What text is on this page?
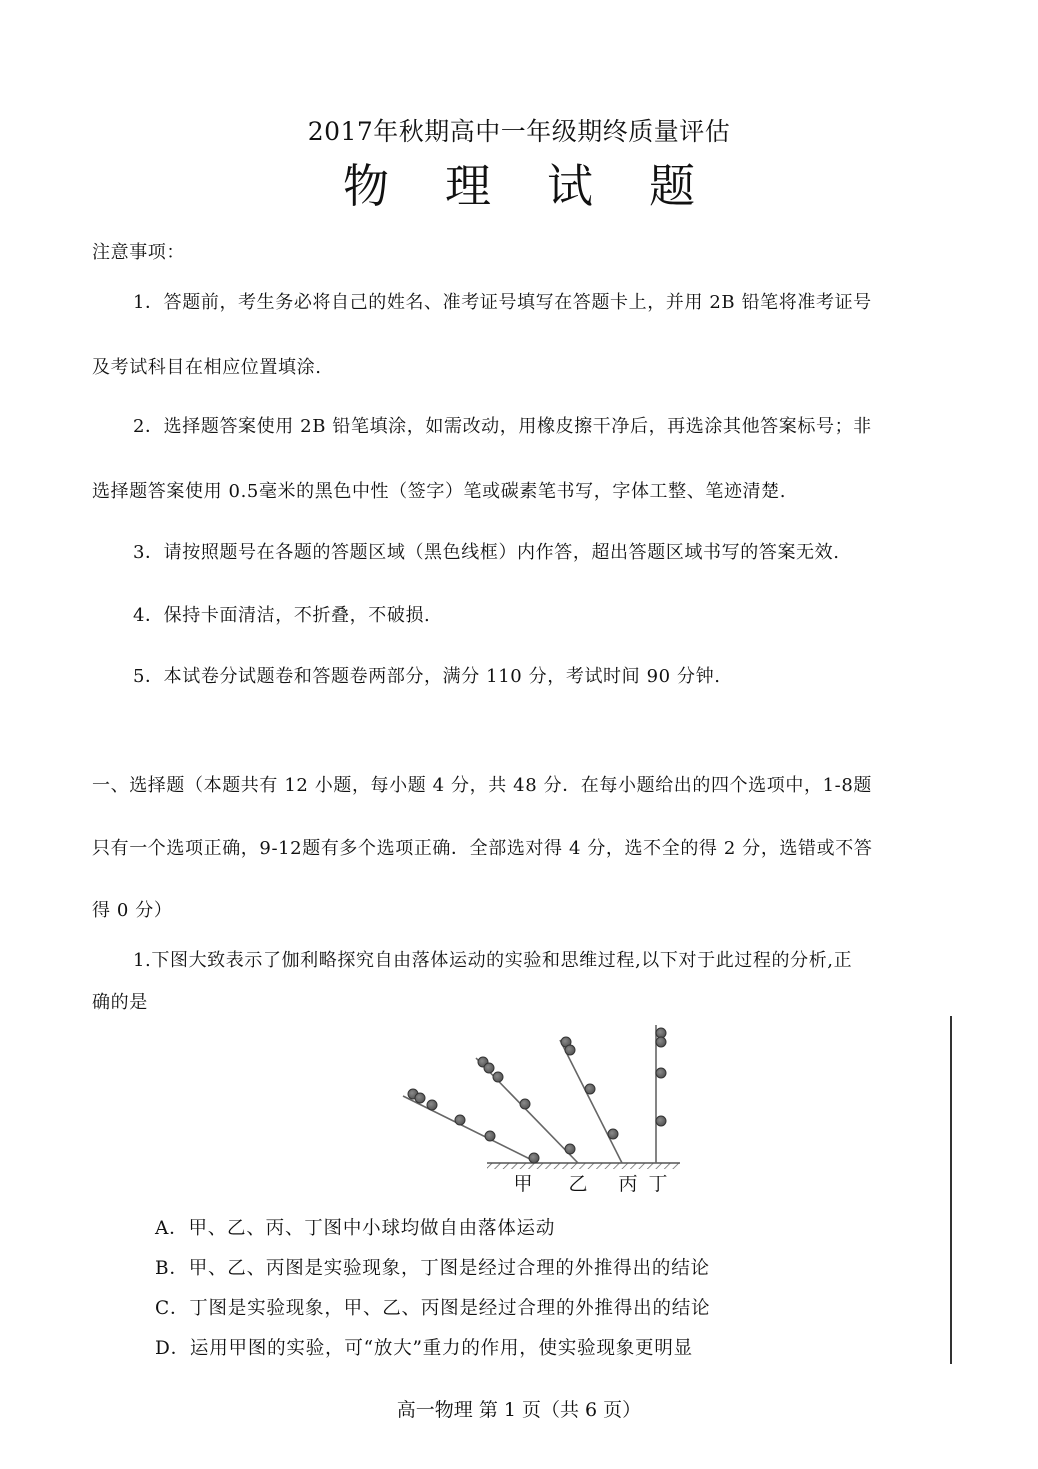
2017年秋期高中一年级期终质量评估
物理试题
注意事项：
1．答题前，考生务必将自己的姓名、准考证号填写在答题卡上，并用 2B 铅笔将准考证号
及考试科目在相应位置填涂.
2．选择题答案使用 2B 铅笔填涂，如需改动，用橡皮擦干净后，再选涂其他答案标号；非
选择题答案使用 0.5毫米的黑色中性（签字）笔或碳素笔书写，字体工整、笔迹清楚.
3．请按照题号在各题的答题区域（黑色线框）内作答，超出答题区域书写的答案无效.
4．保持卡面清洁，不折叠，不破损.
5．本试卷分试题卷和答题卷两部分，满分 110 分，考试时间 90 分钟.
一、选择题（本题共有 12 小题，每小题 4 分，共 48 分．在每小题给出的四个选项中，1-8题
只有一个选项正确，9-12题有多个选项正确．全部选对得 4 分，选不全的得 2 分，选错或不答
得 0 分）
1.下图大致表示了伽利略探究自由落体运动的实验和思维过程,以下对于此过程的分析,正
确的是
甲 乙 丙 丁
A．甲、乙、丙、丁图中小球均做自由落体运动
B．甲、乙、丙图是实验现象，丁图是经过合理的外推得出的结论
C．丁图是实验现象，甲、乙、丙图是经过合理的外推得出的结论
D．运用甲图的实验，可“放大”重力的作用，使实验现象更明显
高一物理 第 1 页（共 6 页）
